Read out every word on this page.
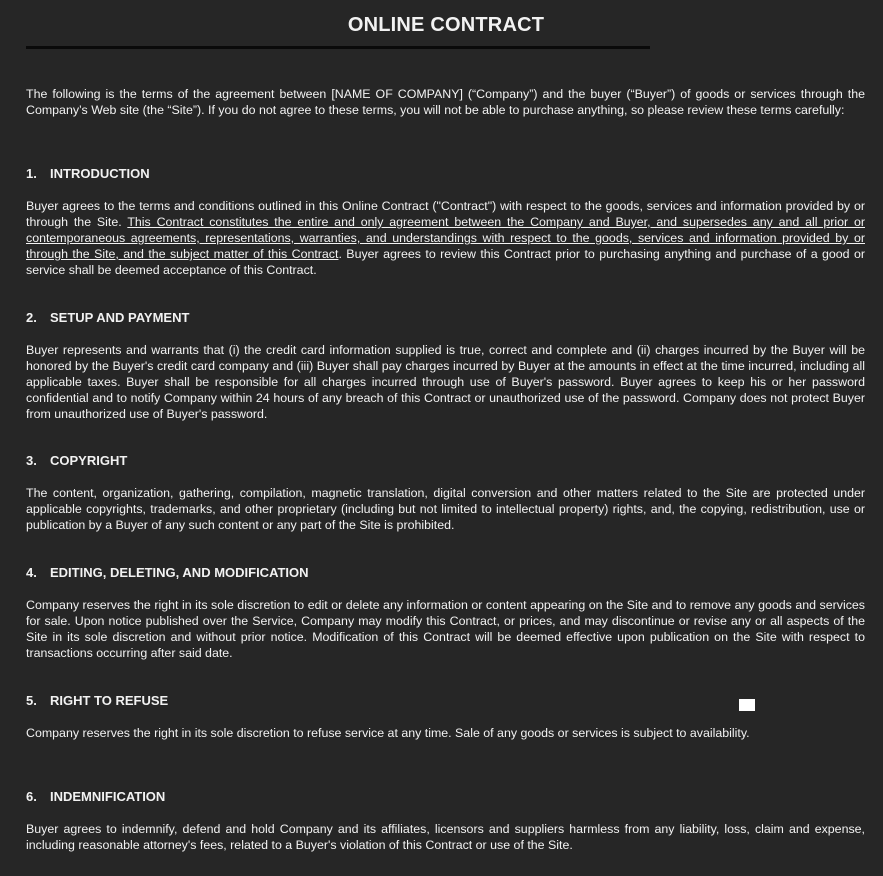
ONLINE CONTRACT

The following is the terms of the agreement between [NAME OF COMPANY] (“Company”) and the buyer (“Buyer”) of goods or services through the Company’s Web site (the “Site”). If you do not agree to these terms, you will not be able to purchase anything, so please review these terms carefully:

1. INTRODUCTION

Buyer agrees to the terms and conditions outlined in this Online Contract ("Contract") with respect to the goods, services and information provided by or through the Site. This Contract constitutes the entire and only agreement between the Company and Buyer, and supersedes any and all prior or contemporaneous agreements, representations, warranties, and understandings with respect to the goods, services and information provided by or through the Site, and the subject matter of this Contract. Buyer agrees to review this Contract prior to purchasing anything and purchase of a good or service shall be deemed acceptance of this Contract.

2. SETUP AND PAYMENT

Buyer represents and warrants that (i) the credit card information supplied is true, correct and complete and (ii) charges incurred by the Buyer will be honored by the Buyer's credit card company and (iii) Buyer shall pay charges incurred by Buyer at the amounts in effect at the time incurred, including all applicable taxes. Buyer shall be responsible for all charges incurred through use of Buyer's password. Buyer agrees to keep his or her password confidential and to notify Company within 24 hours of any breach of this Contract or unauthorized use of the password. Company does not protect Buyer from unauthorized use of Buyer's password.

3. COPYRIGHT

The content, organization, gathering, compilation, magnetic translation, digital conversion and other matters related to the Site are protected under applicable copyrights, trademarks, and other proprietary (including but not limited to intellectual property) rights, and, the copying, redistribution, use or publication by a Buyer of any such content or any part of the Site is prohibited.

4. EDITING, DELETING, AND MODIFICATION

Company reserves the right in its sole discretion to edit or delete any information or content appearing on the Site and to remove any goods and services for sale. Upon notice published over the Service, Company may modify this Contract, or prices, and may discontinue or revise any or all aspects of the Site in its sole discretion and without prior notice. Modification of this Contract will be deemed effective upon publication on the Site with respect to transactions occurring after said date.

5. RIGHT TO REFUSE

Company reserves the right in its sole discretion to refuse service at any time. Sale of any goods or services is subject to availability.

6. INDEMNIFICATION

Buyer agrees to indemnify, defend and hold Company and its affiliates, licensors and suppliers harmless from any liability, loss, claim and expense, including reasonable attorney's fees, related to a Buyer's violation of this Contract or use of the Site.
